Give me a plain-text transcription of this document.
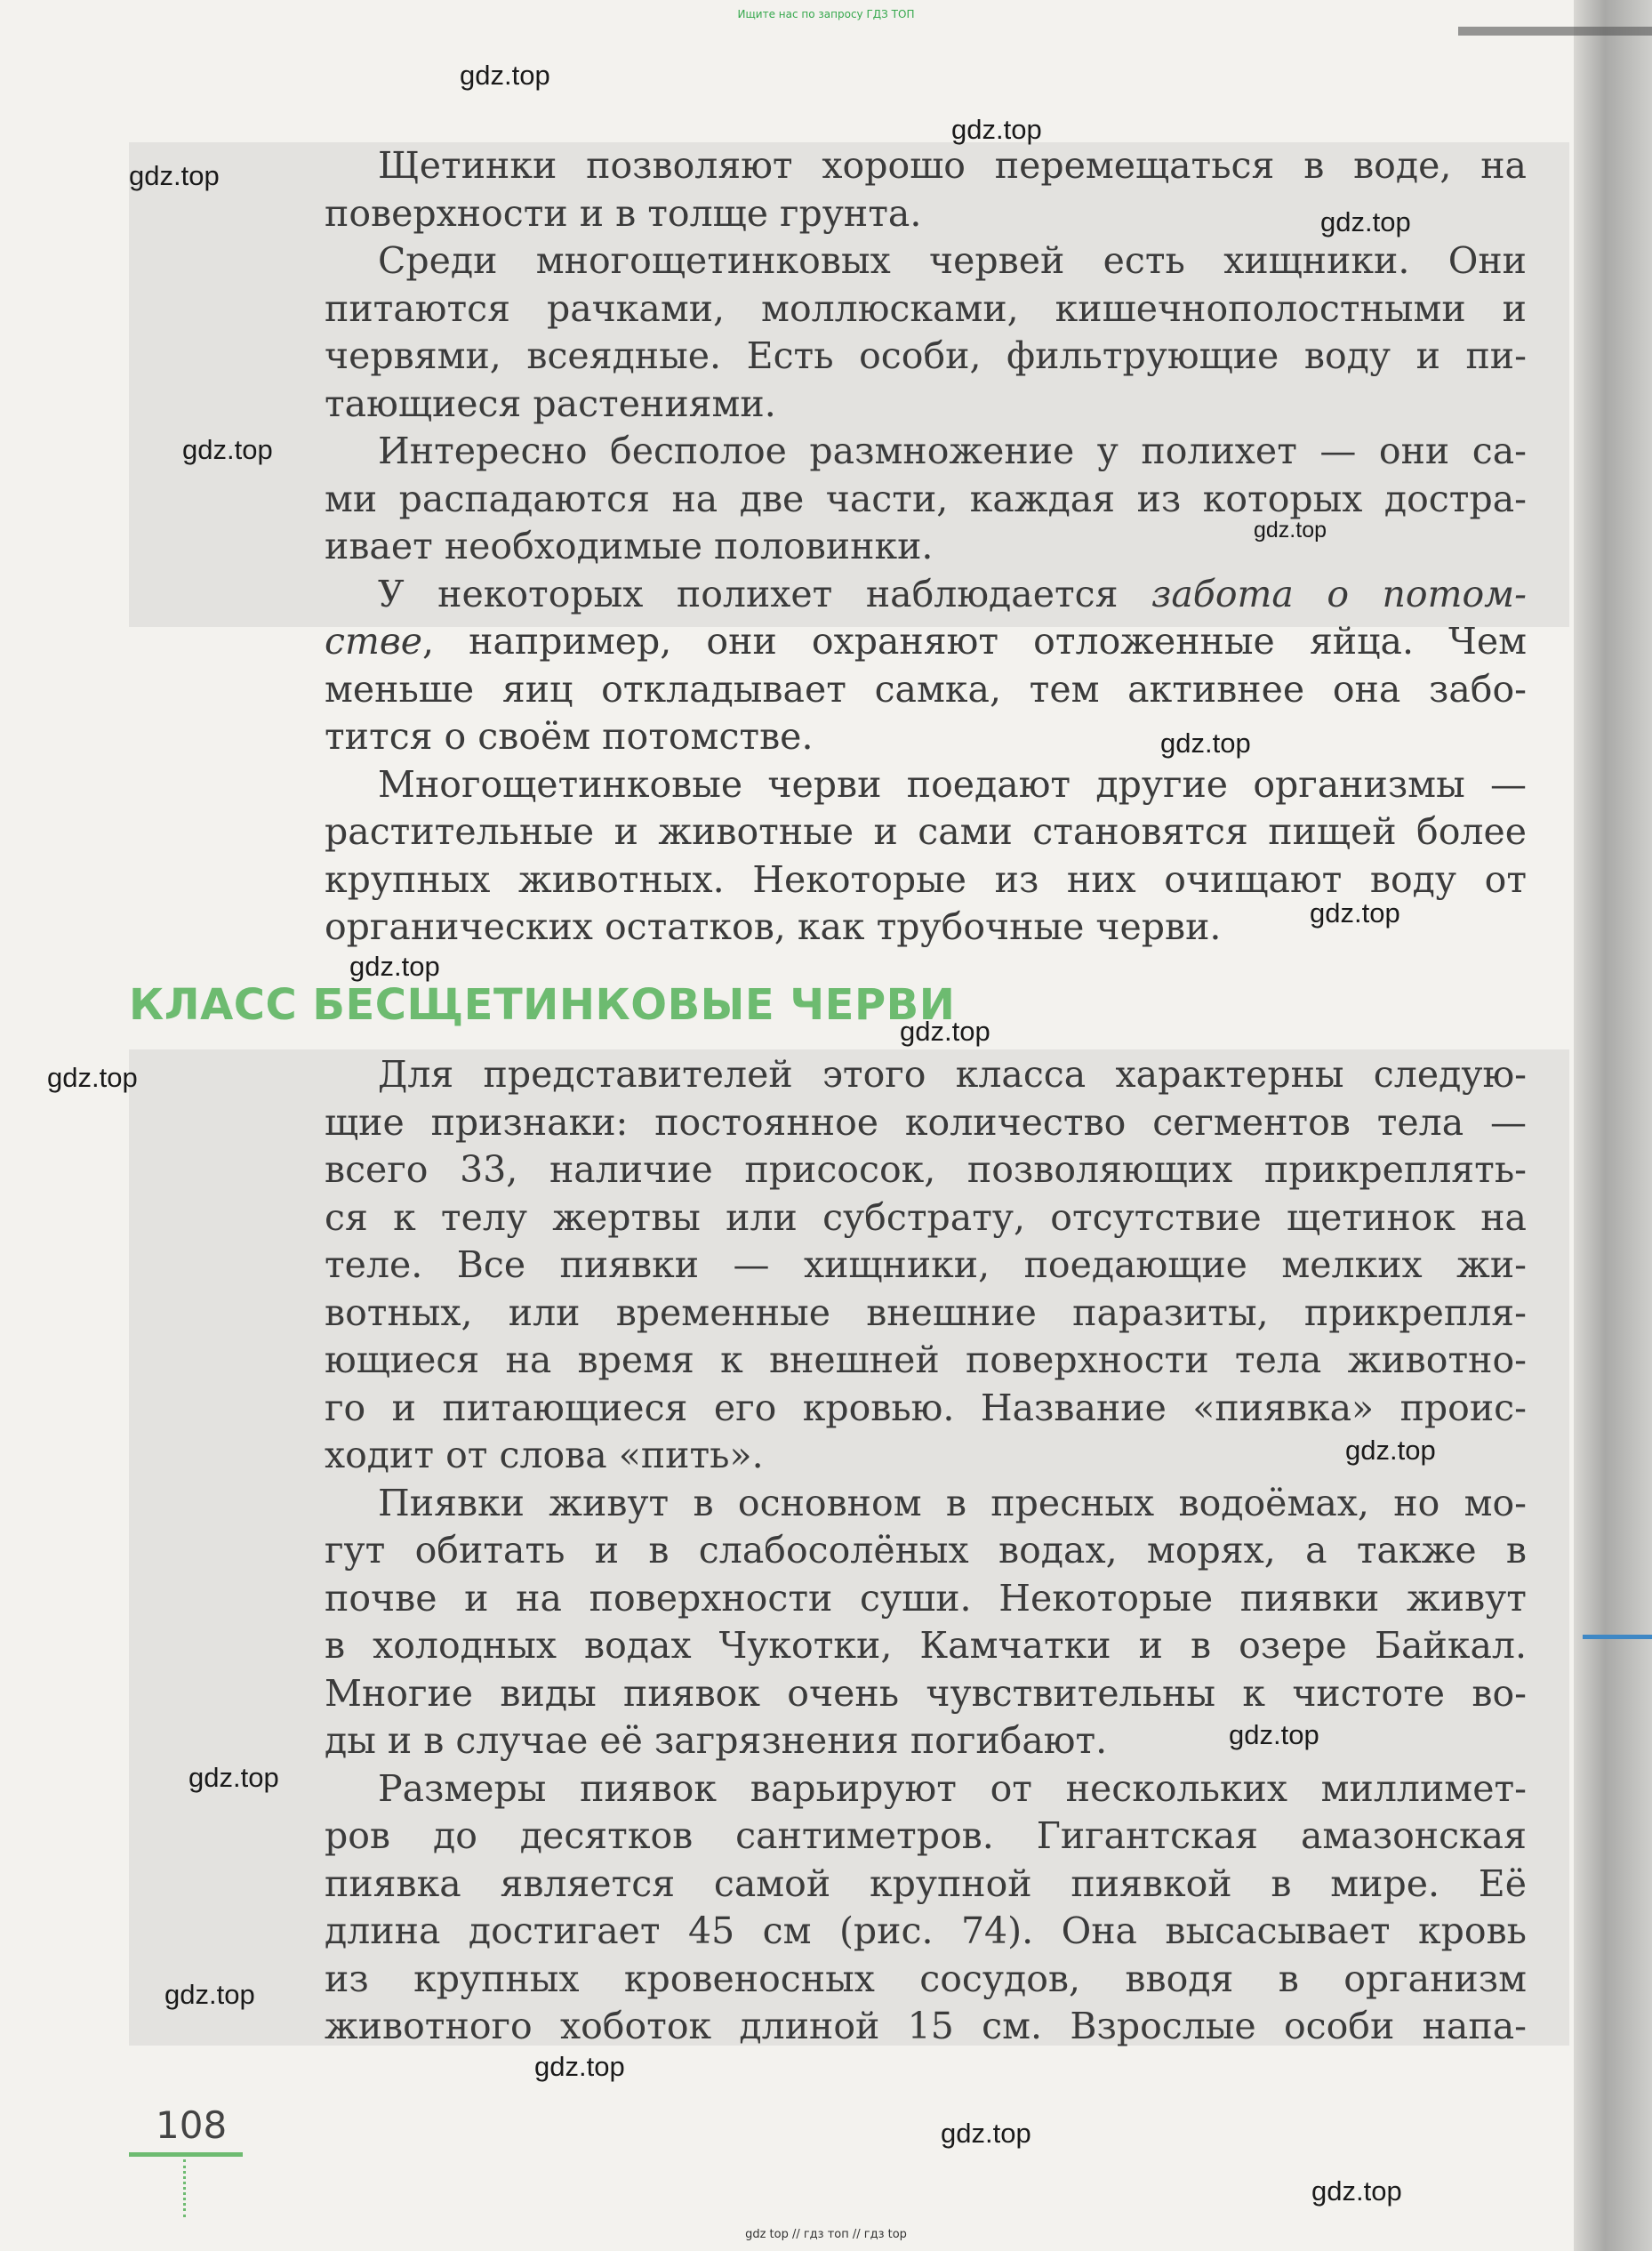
Ищите нас по запросу ГДЗ ТОП
Щетинки позволяют хорошо перемещаться в воде, на
поверхности и в толще грунта.
Среди многощетинковых червей есть хищники. Они
питаются рачками, моллюсками, кишечнополостными и
червями, всеядные. Есть особи, фильтрующие воду и пи-
тающиеся растениями.
Интересно бесполое размножение у полихет — они са-
ми распадаются на две части, каждая из которых достра-
ивает необходимые половинки.
У некоторых полихет наблюдается забота о потом-
стве, например, они охраняют отложенные яйца. Чем
меньше яиц откладывает самка, тем активнее она забо-
тится о своём потомстве.
Многощетинковые черви поедают другие организмы —
растительные и животные и сами становятся пищей более
крупных животных. Некоторые из них очищают воду от
органических остатков, как трубочные черви.
КЛАСС БЕСЩЕТИНКОВЫЕ ЧЕРВИ
Для представителей этого класса характерны следую-
щие признаки: постоянное количество сегментов тела —
всего 33, наличие присосок, позволяющих прикреплять-
ся к телу жертвы или субстрату, отсутствие щетинок на
теле. Все пиявки — хищники, поедающие мелких жи-
вотных, или временные внешние паразиты, прикрепля-
ющиеся на время к внешней поверхности тела животно-
го и питающиеся его кровью. Название «пиявка» проис-
ходит от слова «пить».
Пиявки живут в основном в пресных водоёмах, но мо-
гут обитать и в слабосолёных водах, морях, а также в
почве и на поверхности суши. Некоторые пиявки живут
в холодных водах Чукотки, Камчатки и в озере Байкал.
Многие виды пиявок очень чувствительны к чистоте во-
ды и в случае её загрязнения погибают.
Размеры пиявок варьируют от нескольких миллимет-
ров до десятков сантиметров. Гигантская амазонская
пиявка является самой крупной пиявкой в мире. Её
длина достигает 45 см (рис. 74). Она высасывает кровь
из крупных кровеносных сосудов, вводя в организм
животного хоботок длиной 15 см. Взрослые особи напа-
108
gdz.top
gdz.top
gdz.top
gdz.top
gdz.top
gdz.top
gdz.top
gdz.top
gdz.top
gdz.top
gdz.top
gdz.top
gdz.top
gdz.top
gdz.top
gdz.top
gdz.top
gdz.top
gdz top // гдз топ // гдз top
